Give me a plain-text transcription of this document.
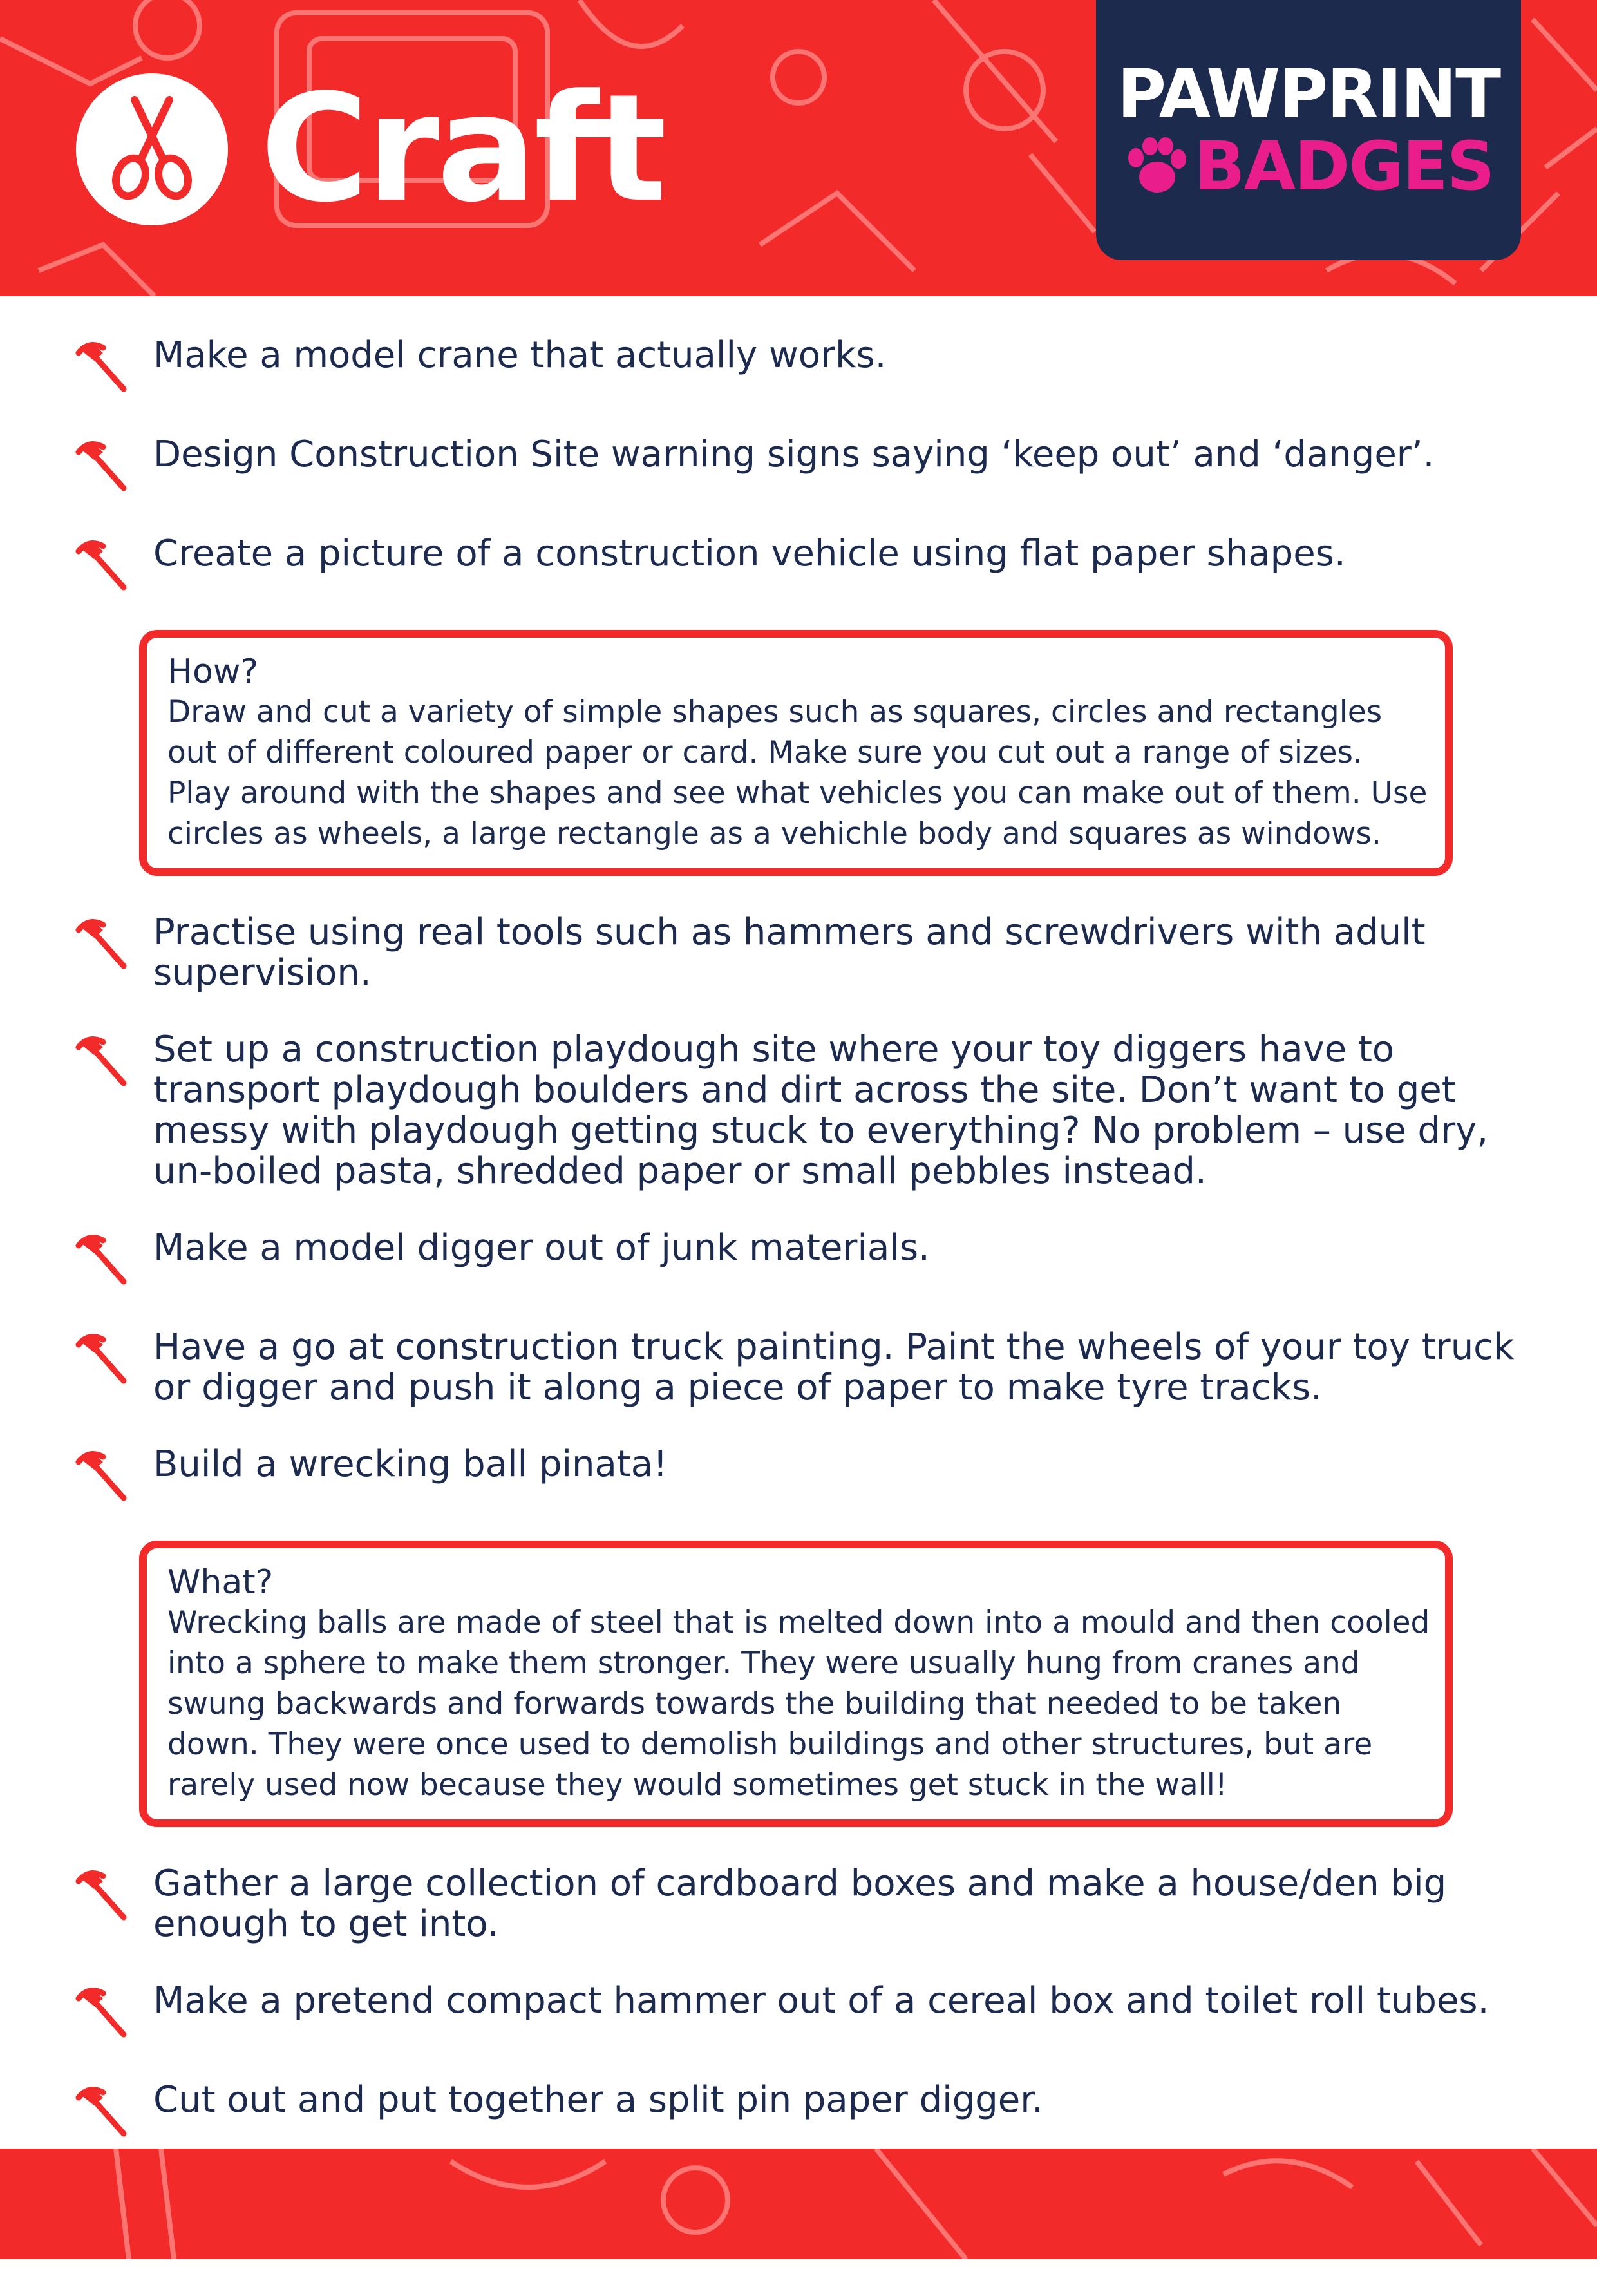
Craft	PAWPRINT
BADGES
Make a model crane that actually works.
Design Construction Site warning signs saying ‘keep out’ and ‘danger’.
Create a picture of a construction vehicle using flat paper shapes.
How?
Draw and cut a variety of simple shapes such as squares, circles and rectangles out of different coloured paper or card. Make sure you cut out a range of sizes. Play around with the shapes and see what vehicles you can make out of them. Use circles as wheels, a large rectangle as a vehichle body and squares as windows.
Practise using real tools such as hammers and screwdrivers with adult supervision.
Set up a construction playdough site where your toy diggers have to transport playdough boulders and dirt across the site. Don’t want to get messy with playdough getting stuck to everything? No problem – use dry, un-boiled pasta, shredded paper or small pebbles instead.
Make a model digger out of junk materials.
Have a go at construction truck painting. Paint the wheels of your toy truck or digger and push it along a piece of paper to make tyre tracks.
Build a wrecking ball pinata!
What?
Wrecking balls are made of steel that is melted down into a mould and then cooled into a sphere to make them stronger. They were usually hung from cranes and swung backwards and forwards towards the building that needed to be taken down. They were once used to demolish buildings and other structures, but are rarely used now because they would sometimes get stuck in the wall!
Gather a large collection of cardboard boxes and make a house/den big enough to get into.
Make a pretend compact hammer out of a cereal box and toilet roll tubes.
Cut out and put together a split pin paper digger.
